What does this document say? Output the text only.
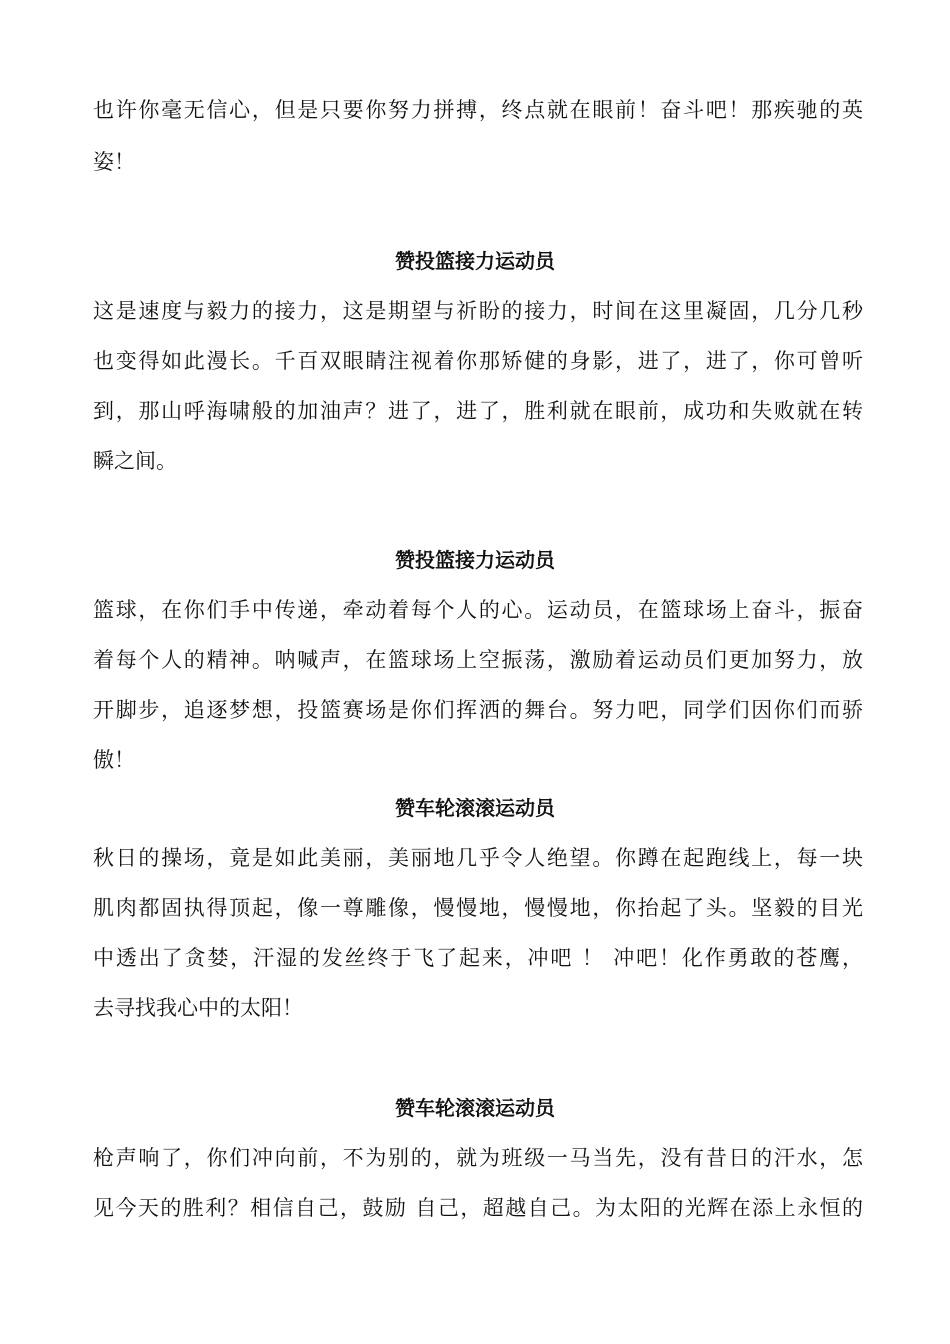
也许你毫无信心，但是只要你努力拼搏，终点就在眼前！奋斗吧！那疾驰的英
姿！
赞投篮接力运动员
这是速度与毅力的接力，这是期望与祈盼的接力，时间在这里凝固，几分几秒
也变得如此漫长。千百双眼睛注视着你那矫健的身影，进了，进了，你可曾听
到，那山呼海啸般的加油声？进了，进了，胜利就在眼前，成功和失败就在转
瞬之间。
赞投篮接力运动员
篮球，在你们手中传递，牵动着每个人的心。运动员，在篮球场上奋斗，振奋
着每个人的精神。呐喊声，在篮球场上空振荡，激励着运动员们更加努力，放
开脚步，追逐梦想，投篮赛场是你们挥洒的舞台。努力吧，同学们因你们而骄
傲！
赞车轮滚滚运动员
秋日的操场，竟是如此美丽，美丽地几乎令人绝望。你蹲在起跑线上，每一块
肌肉都固执得顶起，像一尊雕像，慢慢地，慢慢地，你抬起了头。坚毅的目光
中透出了贪婪，汗湿的发丝终于飞了起来，冲吧 ！ 冲吧！化作勇敢的苍鹰，
去寻找我心中的太阳！
赞车轮滚滚运动员
枪声响了，你们冲向前，不为别的，就为班级一马当先，没有昔日的汗水，怎
见今天的胜利？相信自己，鼓励 自己，超越自己。为太阳的光辉在添上永恒的
